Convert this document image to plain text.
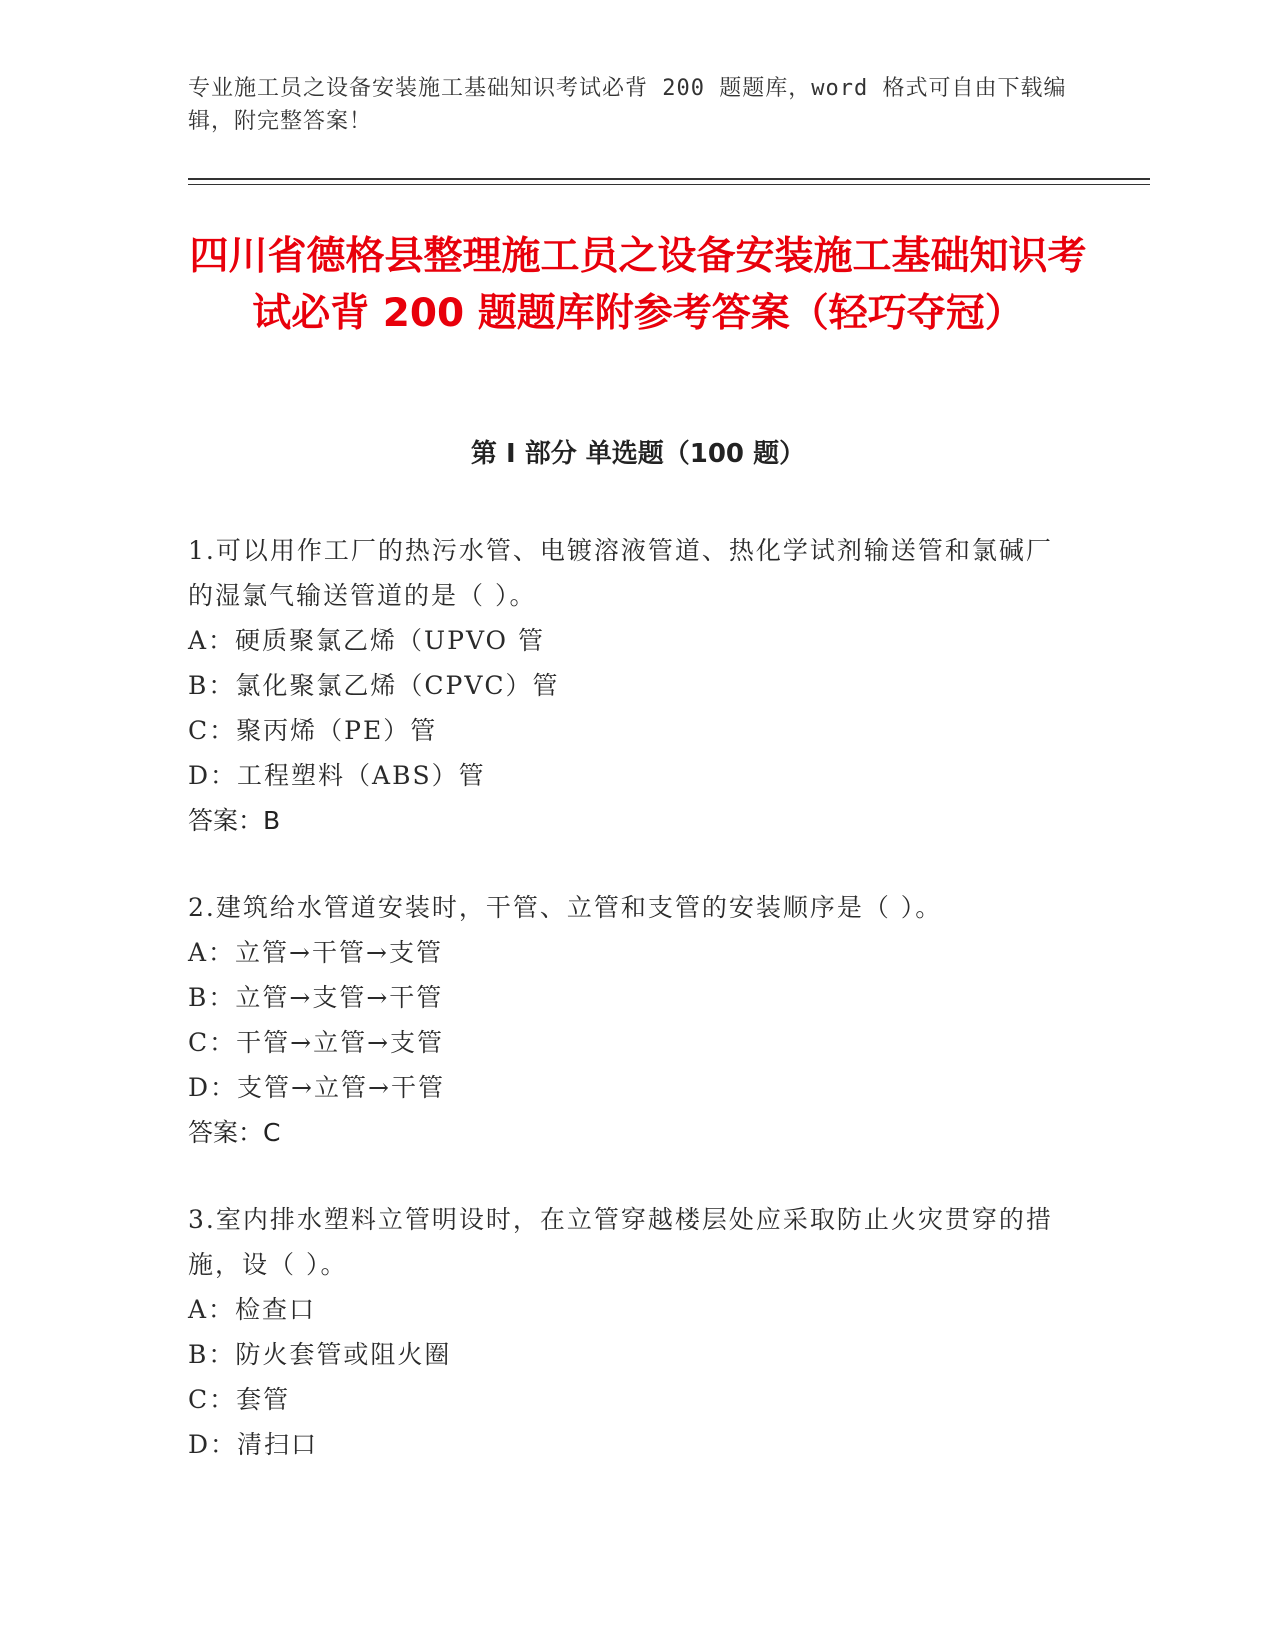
专业施工员之设备安装施工基础知识考试必背 200 题题库，word 格式可自由下载编辑，附完整答案！
四川省德格县整理施工员之设备安装施工基础知识考试必背 200 题题库附参考答案（轻巧夺冠）
第 I 部分 单选题（100 题）

1.可以用作工厂的热污水管、电镀溶液管道、热化学试剂输送管和氯碱厂的湿氯气输送管道的是（ ）。

A：硬质聚氯乙烯（UPVO 管

B：氯化聚氯乙烯（CPVC）管

C：聚丙烯（PE）管

D：工程塑料（ABS）管

答案：B

2.建筑给水管道安装时，干管、立管和支管的安装顺序是（ ）。

A：立管→干管→支管

B：立管→支管→干管

C：干管→立管→支管

D：支管→立管→干管

答案：C

3.室内排水塑料立管明设时，在立管穿越楼层处应采取防止火灾贯穿的措施，设（ ）。

A：检查口

B：防火套管或阻火圈

C：套管

D：清扫口
